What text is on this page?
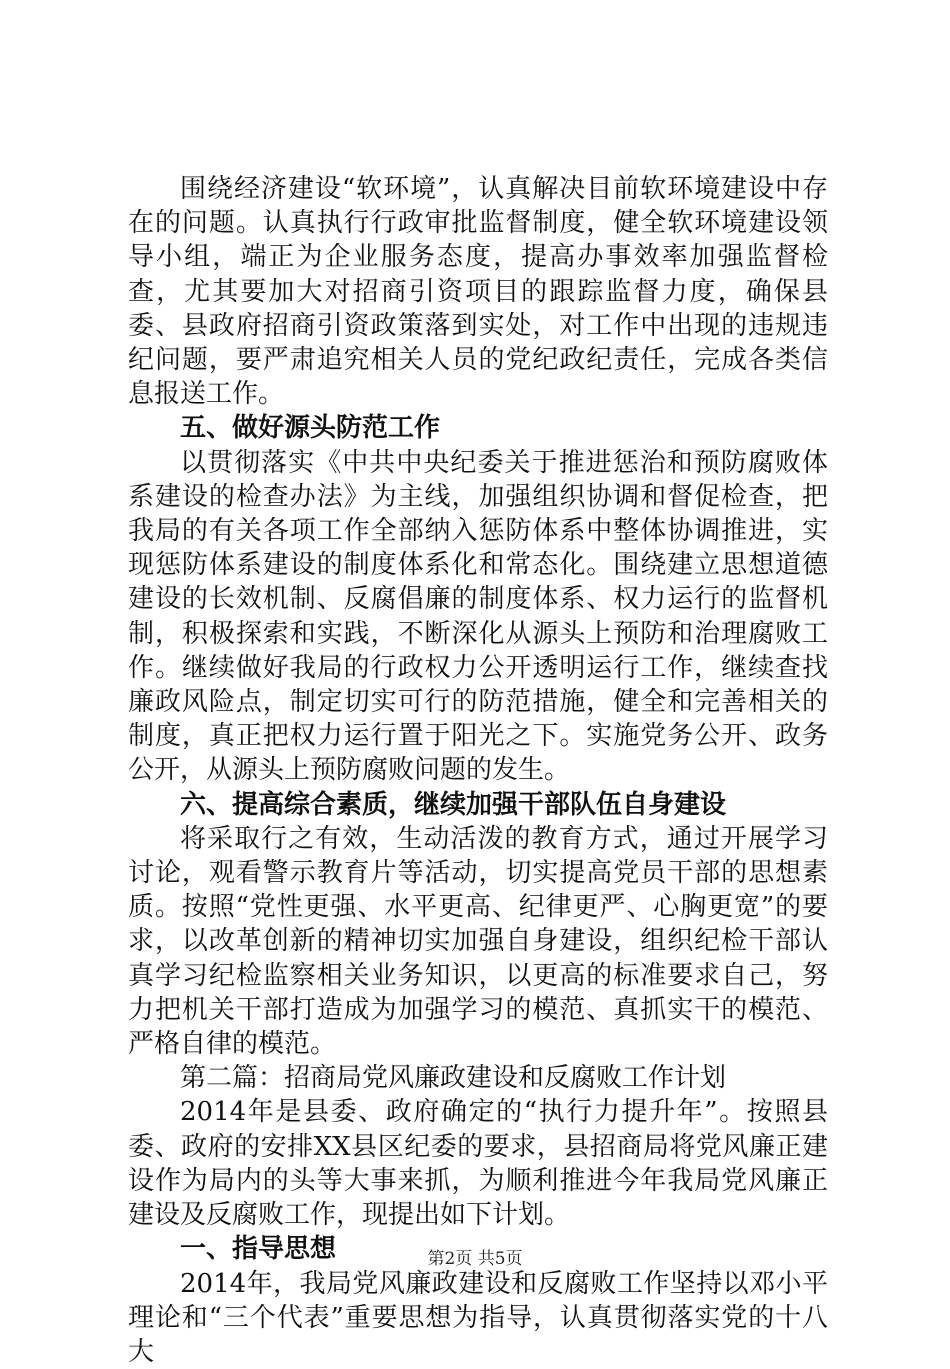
围绕经济建设“软环境”，认真解决目前软环境建设中存在的问题。认真执行行政审批监督制度，健全软环境建设领导小组，端正为企业服务态度，提高办事效率加强监督检查，尤其要加大对招商引资项目的跟踪监督力度，确保县委、县政府招商引资政策落到实处，对工作中出现的违规违纪问题，要严肃追究相关人员的党纪政纪责任，完成各类信息报送工作。

五、做好源头防范工作

以贯彻落实《中共中央纪委关于推进惩治和预防腐败体系建设的检查办法》为主线，加强组织协调和督促检查，把我局的有关各项工作全部纳入惩防体系中整体协调推进，实现惩防体系建设的制度体系化和常态化。围绕建立思想道德建设的长效机制、反腐倡廉的制度体系、权力运行的监督机制，积极探索和实践，不断深化从源头上预防和治理腐败工作。继续做好我局的行政权力公开透明运行工作，继续查找廉政风险点，制定切实可行的防范措施，健全和完善相关的制度，真正把权力运行置于阳光之下。实施党务公开、政务公开，从源头上预防腐败问题的发生。

六、提高综合素质，继续加强干部队伍自身建设

将采取行之有效，生动活泼的教育方式，通过开展学习讨论，观看警示教育片等活动，切实提高党员干部的思想素质。按照“党性更强、水平更高、纪律更严、心胸更宽”的要求，以改革创新的精神切实加强自身建设，组织纪检干部认真学习纪检监察相关业务知识，以更高的标准要求自己，努力把机关干部打造成为加强学习的模范、真抓实干的模范、严格自律的模范。

第二篇：招商局党风廉政建设和反腐败工作计划

2014年是县委、政府确定的“执行力提升年”。按照县委、政府的安排XX县区纪委的要求，县招商局将党风廉正建设作为局内的头等大事来抓，为顺利推进今年我局党风廉正建设及反腐败工作，现提出如下计划。

一、指导思想

2014年，我局党风廉政建设和反腐败工作坚持以邓小平理论和“三个代表”重要思想为指导，认真贯彻落实党的十八大

第2页 共5页
